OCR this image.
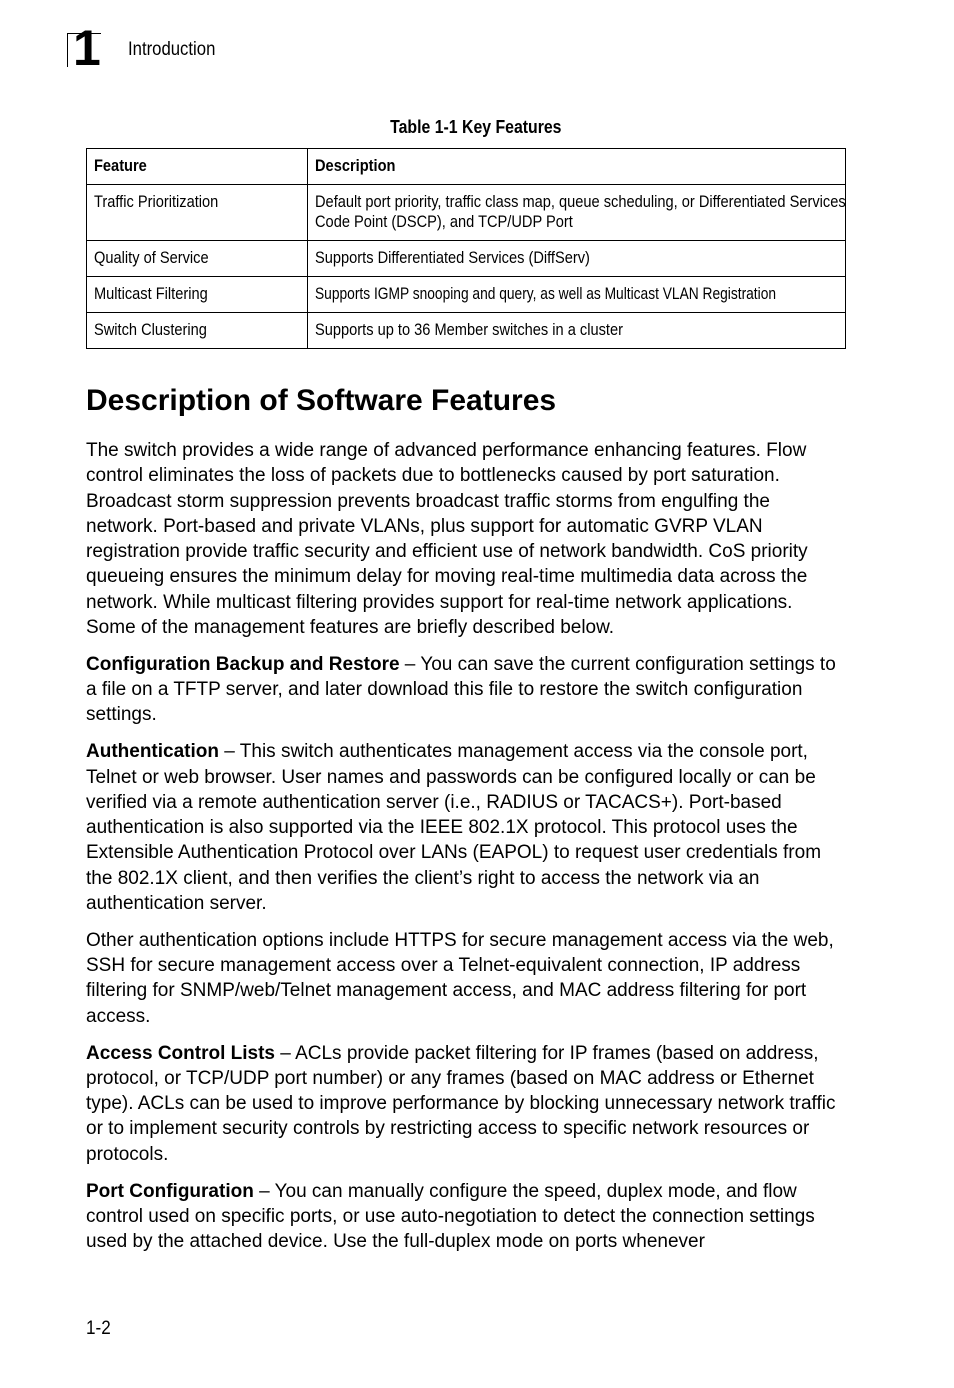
1 Introduction
Table 1-1 Key Features
Feature	Description
Traffic Prioritization	Default port priority, traffic class map, queue scheduling, or Differentiated Services Code Point (DSCP), and TCP/UDP Port

Quality of Service	Supports Differentiated Services (DiffServ)
Multicast Filtering	Supports IGMP snooping and query, as well as Multicast VLAN Registration
Switch Clustering	Supports up to 36 Member switches in a cluster
Description of Software Features

The switch provides a wide range of advanced performance enhancing features. Flow control eliminates the loss of packets due to bottlenecks caused by port saturation. Broadcast storm suppression prevents broadcast traffic storms from engulfing the network. Port-based and private VLANs, plus support for automatic GVRP VLAN registration provide traffic security and efficient use of network bandwidth. CoS priority queueing ensures the minimum delay for moving real-time multimedia data across the network. While multicast filtering provides support for real-time network applications. Some of the management features are briefly described below.

Configuration Backup and Restore – You can save the current configuration settings to a file on a TFTP server, and later download this file to restore the switch configuration settings.

Authentication – This switch authenticates management access via the console port, Telnet or web browser. User names and passwords can be configured locally or can be verified via a remote authentication server (i.e., RADIUS or TACACS+). Port-based authentication is also supported via the IEEE 802.1X protocol. This protocol uses the Extensible Authentication Protocol over LANs (EAPOL) to request user credentials from the 802.1X client, and then verifies the client’s right to access the network via an authentication server.

Other authentication options include HTTPS for secure management access via the web, SSH for secure management access over a Telnet-equivalent connection, IP address filtering for SNMP/web/Telnet management access, and MAC address filtering for port access.

Access Control Lists – ACLs provide packet filtering for IP frames (based on address, protocol, or TCP/UDP port number) or any frames (based on MAC address or Ethernet type). ACLs can be used to improve performance by blocking unnecessary network traffic or to implement security controls by restricting access to specific network resources or protocols.

Port Configuration – You can manually configure the speed, duplex mode, and flow control used on specific ports, or use auto-negotiation to detect the connection settings used by the attached device. Use the full-duplex mode on ports whenever

1-2
